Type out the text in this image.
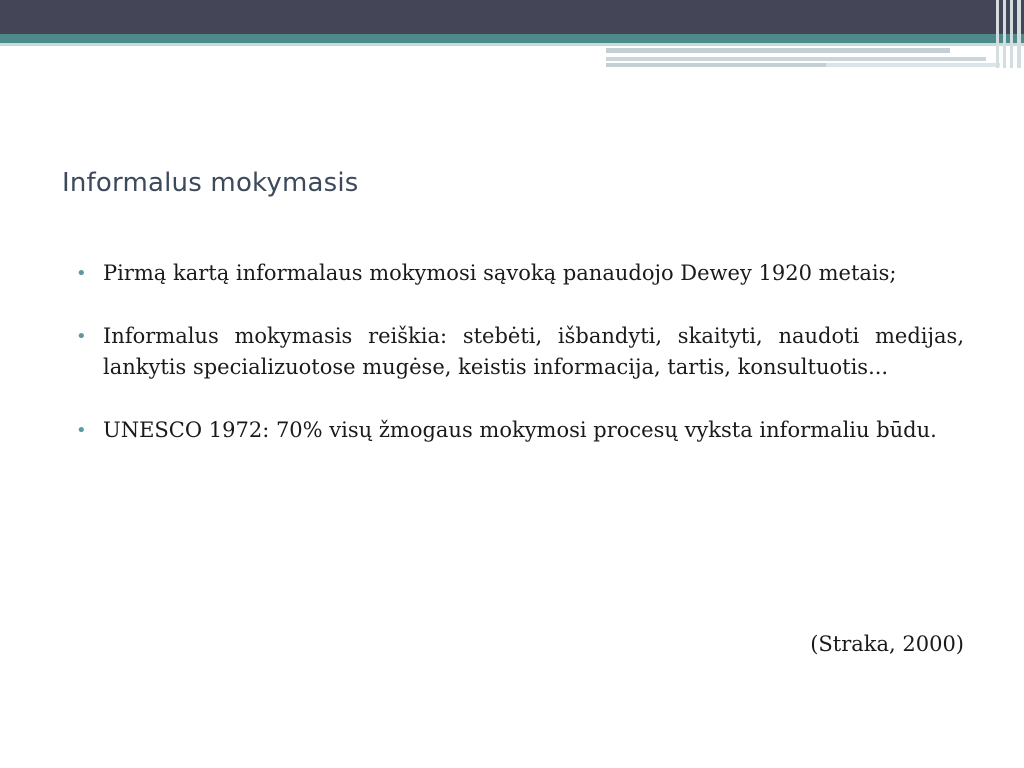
Informalus mokymasis
• Pirmą kartą informalaus mokymosi sąvoką panaudojo Dewey 1920 metais;
• Informalus mokymasis reiškia: stebėti, išbandyti, skaityti, naudoti medijas, lankytis specializuotose mugėse, keistis informacija, tartis, konsultuotis...
• UNESCO 1972: 70% visų žmogaus mokymosi procesų vyksta informaliu būdu.

(Straka, 2000)
